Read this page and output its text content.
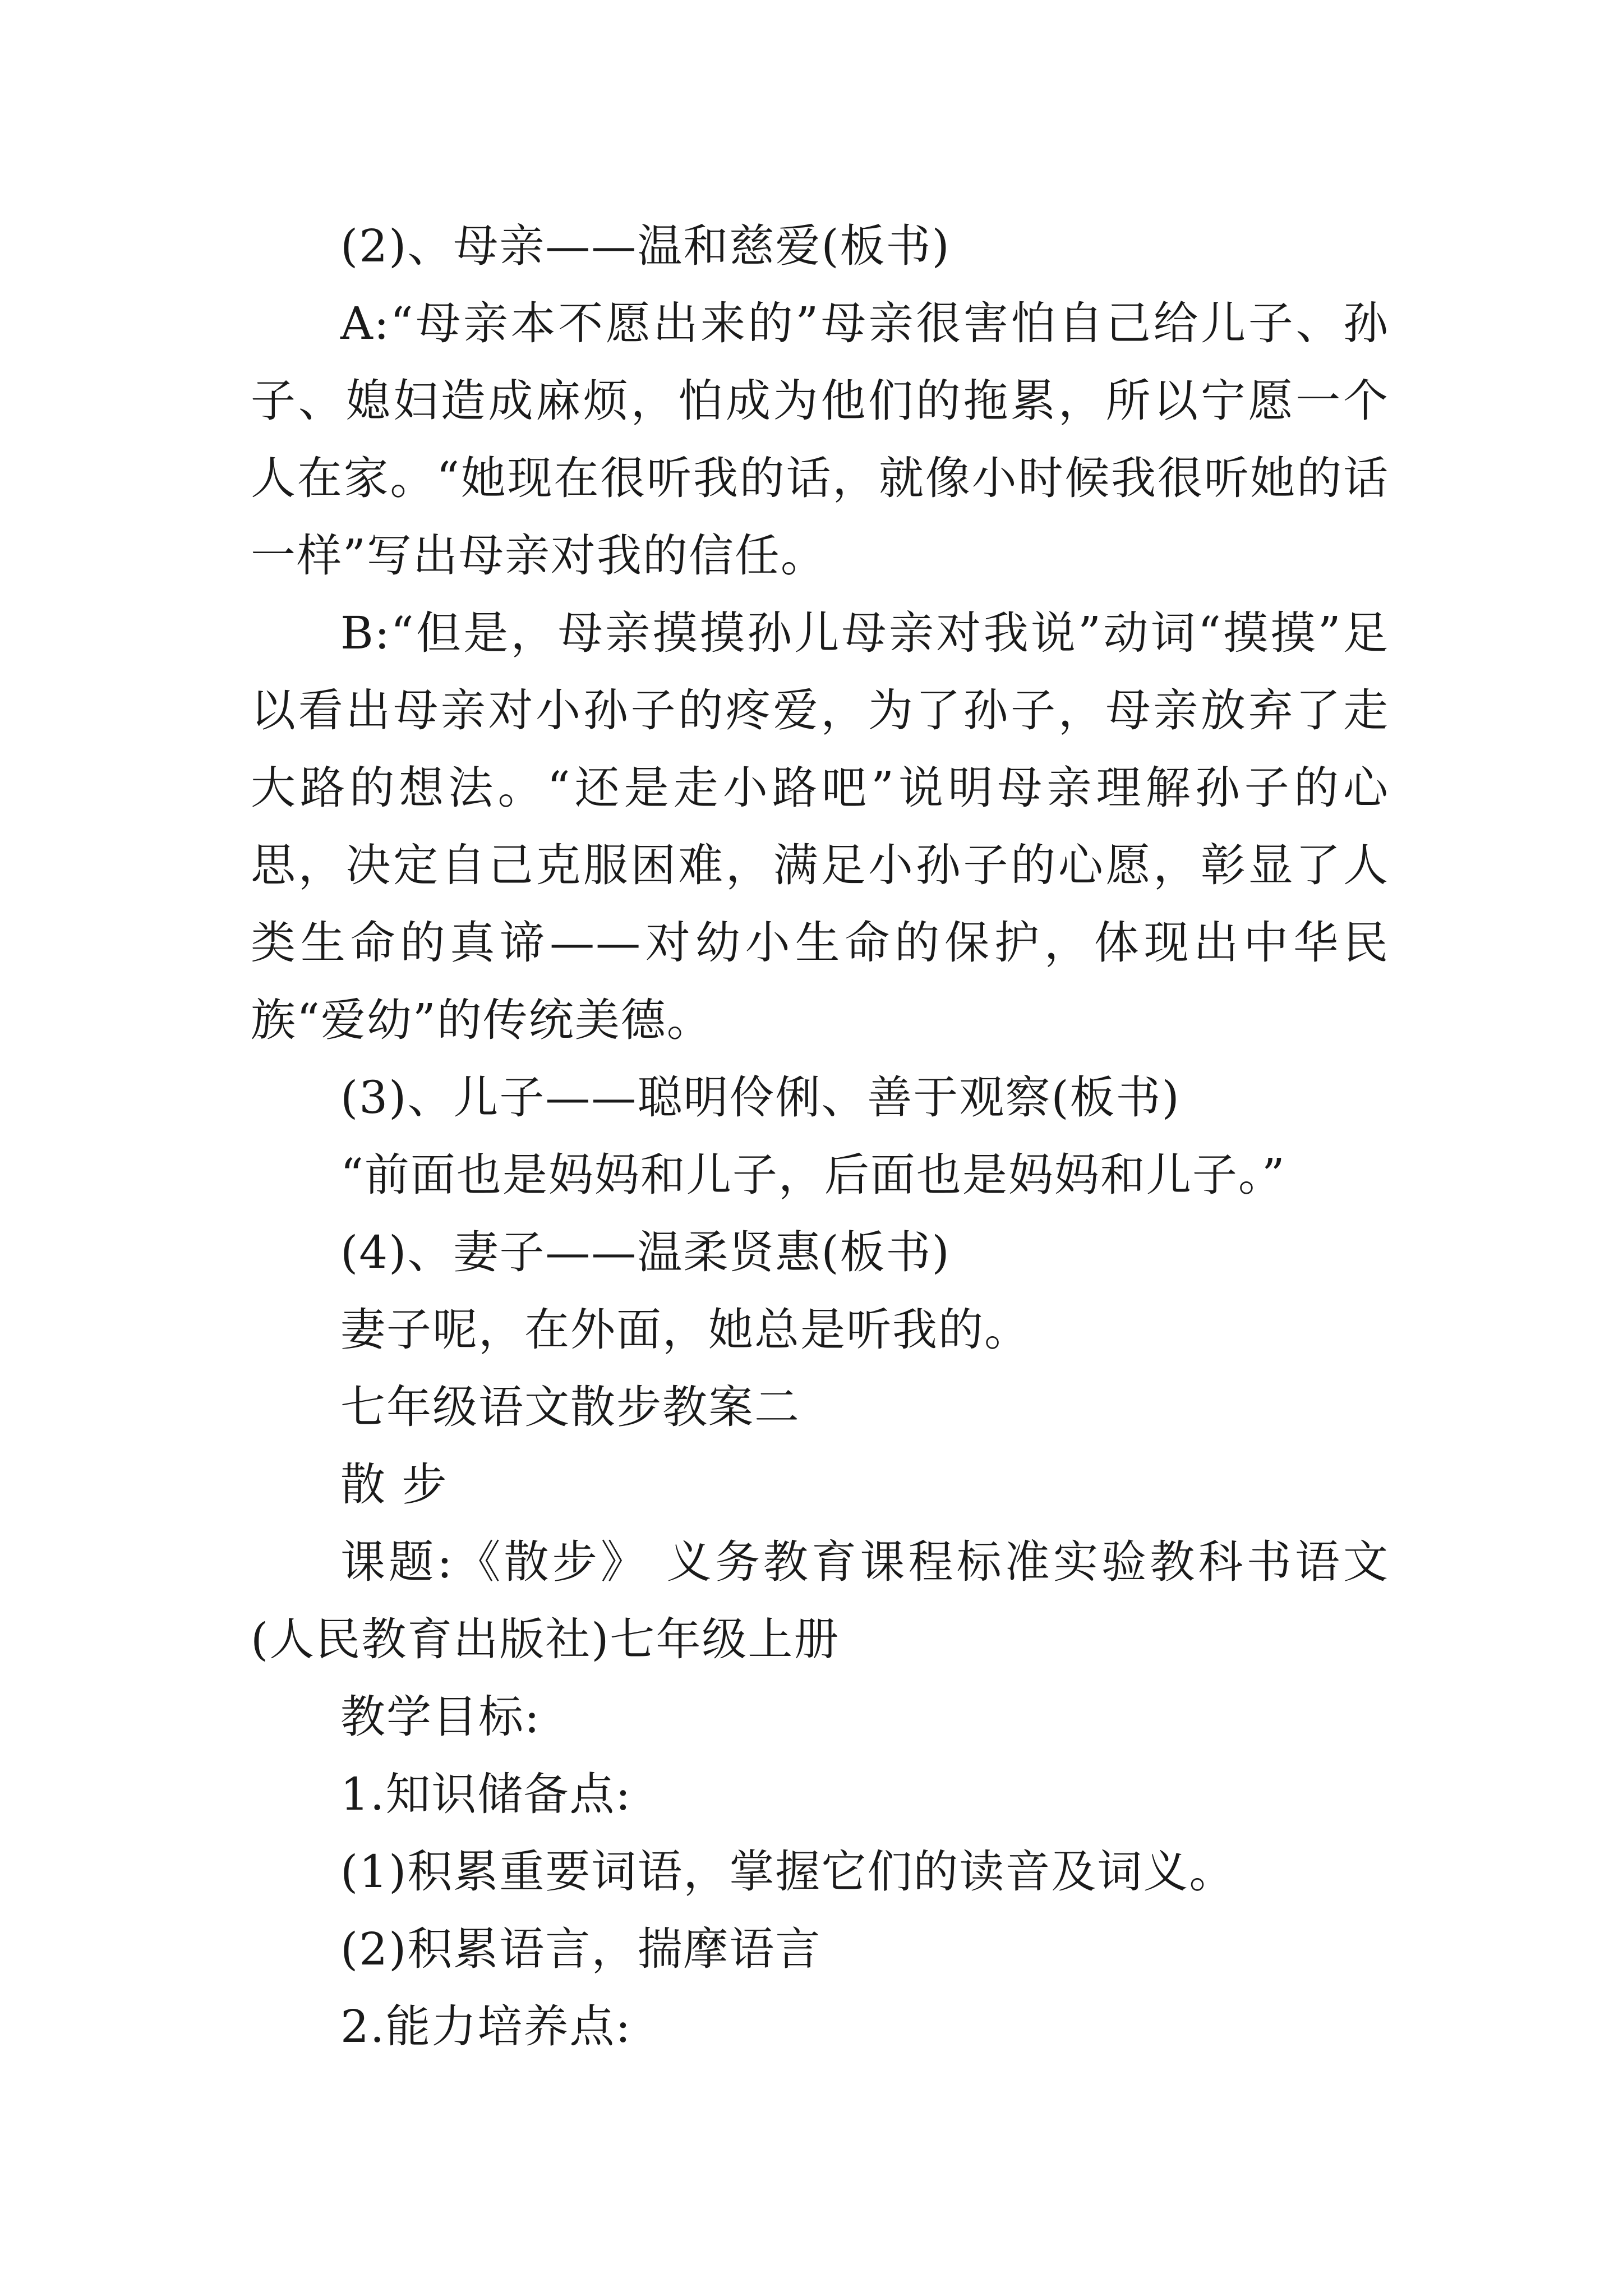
(2)、母亲——温和慈爱(板书)

A:“母亲本不愿出来的”母亲很害怕自己给儿子、孙子、媳妇造成麻烦，怕成为他们的拖累，所以宁愿一个人在家。“她现在很听我的话，就像小时候我很听她的话一样”写出母亲对我的信任。

B:“但是，母亲摸摸孙儿母亲对我说”动词“摸摸”足以看出母亲对小孙子的疼爱，为了孙子，母亲放弃了走大路的想法。“还是走小路吧”说明母亲理解孙子的心思，决定自己克服困难，满足小孙子的心愿，彰显了人类生命的真谛——对幼小生命的保护，体现出中华民族“爱幼”的传统美德。

(3)、儿子——聪明伶俐、善于观察(板书)

“前面也是妈妈和儿子，后面也是妈妈和儿子。”

(4)、妻子——温柔贤惠(板书)

妻子呢，在外面，她总是听我的。

七年级语文散步教案二

散 步

课题:《散步》 义务教育课程标准实验教科书语文(人民教育出版社)七年级上册

教学目标:

1.知识储备点:

(1)积累重要词语，掌握它们的读音及词义。

(2)积累语言，揣摩语言

2.能力培养点:
